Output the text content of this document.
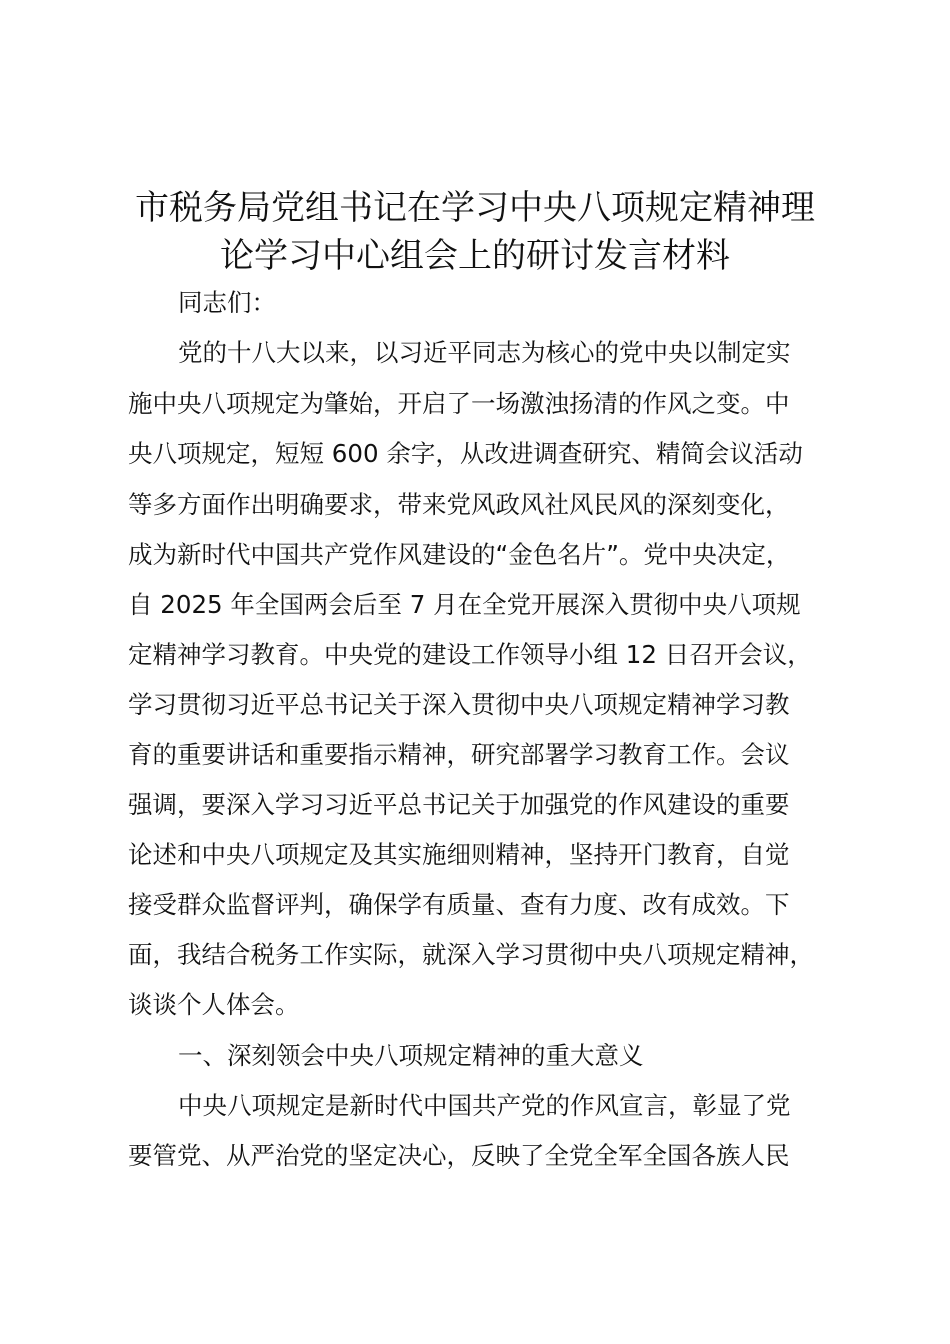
市税务局党组书记在学习中央八项规定精神理
论学习中心组会上的研讨发言材料

同志们：

党的十八大以来，以习近平同志为核心的党中央以制定实

施中央八项规定为肇始，开启了一场激浊扬清的作风之变。中

央八项规定，短短 600 余字，从改进调查研究、精简会议活动

等多方面作出明确要求，带来党风政风社风民风的深刻变化，

成为新时代中国共产党作风建设的“金色名片”。党中央决定，

自 2025 年全国两会后至 7 月在全党开展深入贯彻中央八项规

定精神学习教育。中央党的建设工作领导小组 12 日召开会议，

学习贯彻习近平总书记关于深入贯彻中央八项规定精神学习教

育的重要讲话和重要指示精神，研究部署学习教育工作。会议

强调，要深入学习习近平总书记关于加强党的作风建设的重要

论述和中央八项规定及其实施细则精神，坚持开门教育，自觉

接受群众监督评判，确保学有质量、查有力度、改有成效。下

面，我结合税务工作实际，就深入学习贯彻中央八项规定精神，

谈谈个人体会。

一、深刻领会中央八项规定精神的重大意义

中央八项规定是新时代中国共产党的作风宣言，彰显了党

要管党、从严治党的坚定决心，反映了全党全军全国各族人民
